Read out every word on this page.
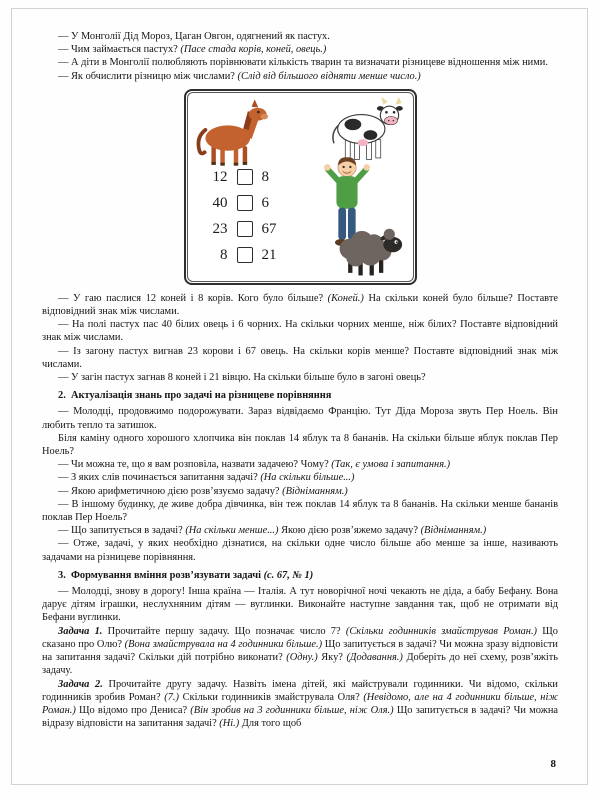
— У Монголії Дід Мороз, Цаган Овгон, одягнений як пастух.

— Чим займається пастух? (Пасе стада корів, коней, овець.)

— А діти в Монголії полюбляють порівнювати кількість тварин та визначати різницеве відношення між ними.

— Як обчислити різницю між числами? (Слід від більшого відняти менше число.)

12 8
40 6
23 67
8 21

— У гаю паслися 12 коней і 8 корів. Кого було більше? (Коней.) На скільки коней було більше? Поставте відповідний знак між числами.

— На полі пастух пас 40 білих овець і 6 чорних. На скільки чорних менше, ніж білих? Поставте відповідний знак між числами.

— Із загону пастух вигнав 23 корови і 67 овець. На скільки корів менше? Поставте відповідний знак між числами.

— У загін пастух загнав 8 коней і 21 вівцю. На скільки більше було в загоні овець?

2. Актуалізація знань про задачі на різницеве порівняння

— Молодці, продовжимо подорожувати. Зараз відвідаємо Францію. Тут Діда Мороза звуть Пер Ноель. Він любить тепло та затишок.

Біля каміну одного хорошого хлопчика він поклав 14 яблук та 8 бананів. На скільки більше яблук поклав Пер Ноель?

— Чи можна те, що я вам розповіла, назвати задачею? Чому? (Так, є умова і запитання.)

— З яких слів починається запитання задачі? (На скільки більше...)

— Якою арифметичною дією розв’язуємо задачу? (Відніманням.)

— В іншому будинку, де живе добра дівчинка, він теж поклав 14 яблук та 8 бананів. На скільки менше бананів поклав Пер Ноель?

— Що запитується в задачі? (На скільки менше...) Якою дією розв’яжемо задачу? (Відніманням.)

— Отже, задачі, у яких необхідно дізнатися, на скільки одне число більше або менше за інше, називають задачами на різницеве порівняння.

3. Формування вміння розв’язувати задачі (с. 67, № 1)

— Молодці, знову в дорогу! Інша країна — Італія. А тут новорічної ночі чекають не діда, а бабу Бефану. Вона дарує дітям іграшки, неслухняним дітям — вуглинки. Виконайте наступне завдання так, щоб не отримати від Бефани вуглинки.

Задача 1. Прочитайте першу задачу. Що позначає число 7? (Скільки годинників змайстрував Роман.) Що сказано про Олю? (Вона змайструвала на 4 годинники більше.) Що запитується в задачі? Чи можна зразу відповісти на запитання задачі? Скільки дій потрібно виконати? (Одну.) Яку? (Додавання.) Доберіть до неї схему, розв’яжіть задачу.

Задача 2. Прочитайте другу задачу. Назвіть імена дітей, які майстрували годинники. Чи відомо, скільки годинників зробив Роман? (7.) Скільки годинників змайструвала Оля? (Невідомо, але на 4 годинники більше, ніж Роман.) Що відомо про Дениса? (Він зробив на 3 годинники більше, ніж Оля.) Що запитується в задачі? Чи можна відразу відповісти на запитання задачі? (Ні.) Для того щоб

8
